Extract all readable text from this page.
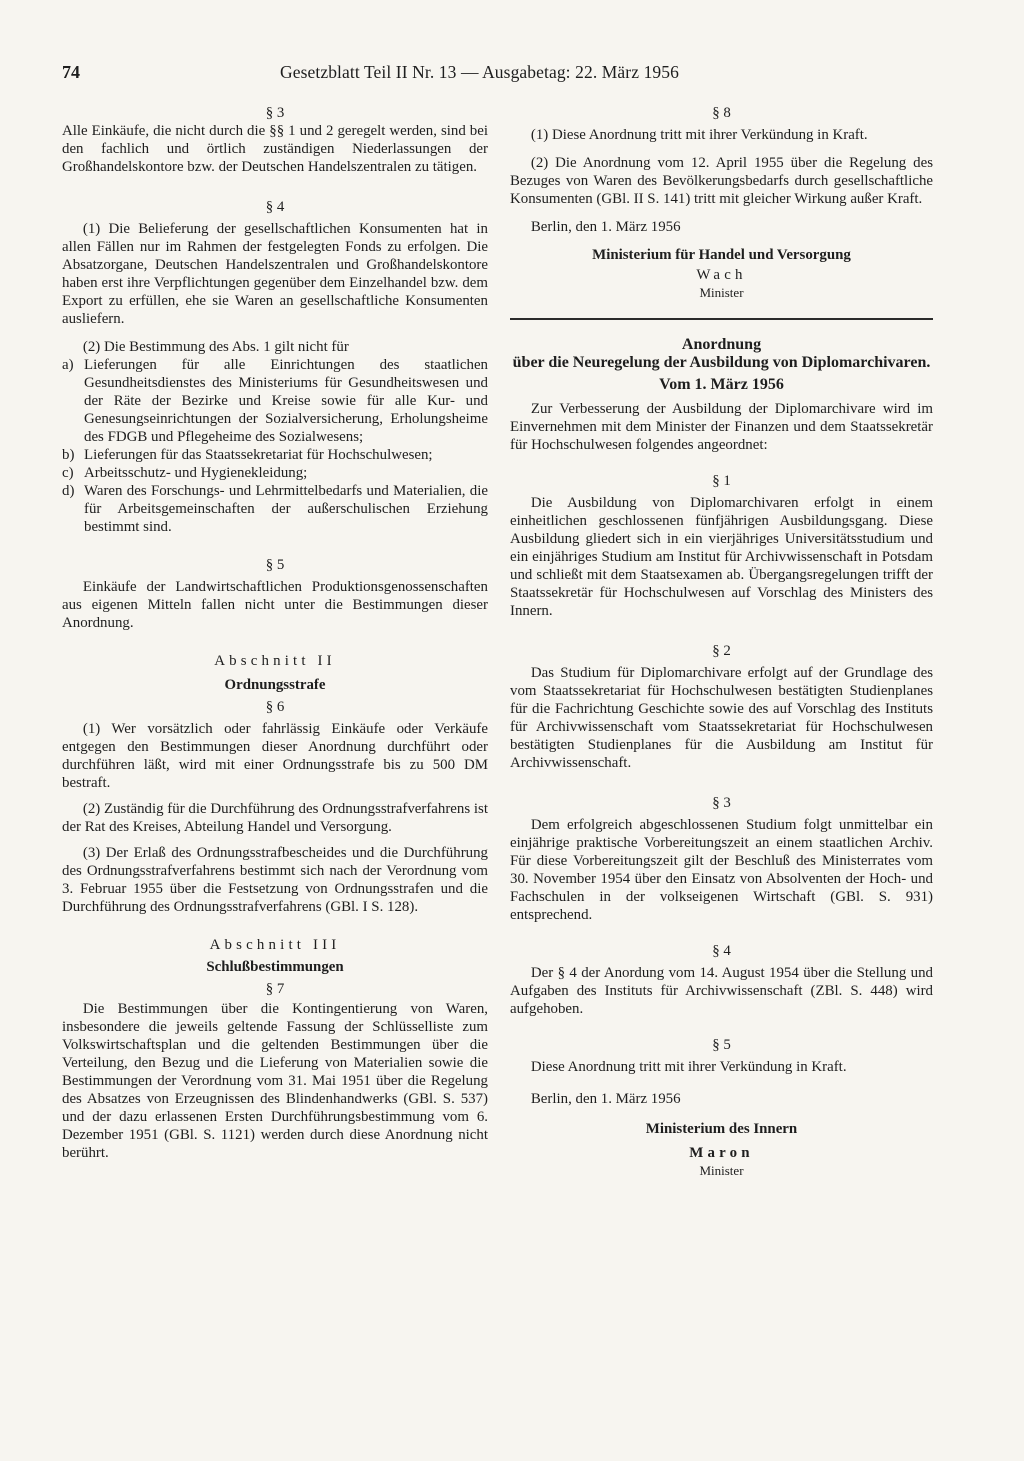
74	Gesetzblatt Teil II Nr. 13 — Ausgabetag: 22. März 1956
§ 3

Alle Einkäufe, die nicht durch die §§ 1 und 2 geregelt werden, sind bei den fachlich und örtlich zuständigen Niederlassungen der Großhandelskontore bzw. der Deutschen Handelszentralen zu tätigen.

§ 4

(1) Die Belieferung der gesellschaftlichen Konsumenten hat in allen Fällen nur im Rahmen der festgelegten Fonds zu erfolgen. Die Absatzorgane, Deutschen Handelszentralen und Großhandelskontore haben erst ihre Verpflichtungen gegenüber dem Einzelhandel bzw. dem Export zu erfüllen, ehe sie Waren an gesellschaftliche Konsumenten ausliefern.

(2) Die Bestimmung des Abs. 1 gilt nicht für

a) Lieferungen für alle Einrichtungen des staatlichen Gesundheitsdienstes des Ministeriums für Gesundheitswesen und der Räte der Bezirke und Kreise sowie für alle Kur- und Genesungseinrichtungen der Sozialversicherung, Erholungsheime des FDGB und Pflegeheime des Sozialwesens;
b) Lieferungen für das Staatssekretariat für Hochschulwesen;
c) Arbeitsschutz- und Hygienekleidung;
d) Waren des Forschungs- und Lehrmittelbedarfs und Materialien, die für Arbeitsgemeinschaften der außerschulischen Erziehung bestimmt sind.
§ 5

Einkäufe der Landwirtschaftlichen Produktionsgenossenschaften aus eigenen Mitteln fallen nicht unter die Bestimmungen dieser Anordnung.

Abschnitt II
Ordnungsstrafe
§ 6

(1) Wer vorsätzlich oder fahrlässig Einkäufe oder Verkäufe entgegen den Bestimmungen dieser Anordnung durchführt oder durchführen läßt, wird mit einer Ordnungsstrafe bis zu 500 DM bestraft.

(2) Zuständig für die Durchführung des Ordnungsstrafverfahrens ist der Rat des Kreises, Abteilung Handel und Versorgung.

(3) Der Erlaß des Ordnungsstrafbescheides und die Durchführung des Ordnungsstrafverfahrens bestimmt sich nach der Verordnung vom 3. Februar 1955 über die Festsetzung von Ordnungsstrafen und die Durchführung des Ordnungsstrafverfahrens (GBl. I S. 128).

Abschnitt III
Schlußbestimmungen
§ 7

Die Bestimmungen über die Kontingentierung von Waren, insbesondere die jeweils geltende Fassung der Schlüsselliste zum Volkswirtschaftsplan und die geltenden Bestimmungen über die Verteilung, den Bezug und die Lieferung von Materialien sowie die Bestimmungen der Verordnung vom 31. Mai 1951 über die Regelung des Absatzes von Erzeugnissen des Blindenhandwerks (GBl. S. 537) und der dazu erlassenen Ersten Durchführungsbestimmung vom 6. Dezember 1951 (GBl. S. 1121) werden durch diese Anordnung nicht berührt.

§ 8

(1) Diese Anordnung tritt mit ihrer Verkündung in Kraft.

(2) Die Anordnung vom 12. April 1955 über die Regelung des Bezuges von Waren des Bevölkerungsbedarfs durch gesellschaftliche Konsumenten (GBl. II S. 141) tritt mit gleicher Wirkung außer Kraft.

Berlin, den 1. März 1956

Ministerium für Handel und Versorgung
Wach
Minister
Anordnung
über die Neuregelung der Ausbildung von Diplomarchivaren.
Vom 1. März 1956

Zur Verbesserung der Ausbildung der Diplomarchivare wird im Einvernehmen mit dem Minister der Finanzen und dem Staatssekretär für Hochschulwesen folgendes angeordnet:

§ 1

Die Ausbildung von Diplomarchivaren erfolgt in einem einheitlichen geschlossenen fünfjährigen Ausbildungsgang. Diese Ausbildung gliedert sich in ein vierjähriges Universitätsstudium und ein einjähriges Studium am Institut für Archivwissenschaft in Potsdam und schließt mit dem Staatsexamen ab. Übergangsregelungen trifft der Staatssekretär für Hochschulwesen auf Vorschlag des Ministers des Innern.

§ 2

Das Studium für Diplomarchivare erfolgt auf der Grundlage des vom Staatssekretariat für Hochschulwesen bestätigten Studienplanes für die Fachrichtung Geschichte sowie des auf Vorschlag des Instituts für Archivwissenschaft vom Staatssekretariat für Hochschulwesen bestätigten Studienplanes für die Ausbildung am Institut für Archivwissenschaft.

§ 3

Dem erfolgreich abgeschlossenen Studium folgt unmittelbar ein einjährige praktische Vorbereitungszeit an einem staatlichen Archiv. Für diese Vorbereitungszeit gilt der Beschluß des Ministerrates vom 30. November 1954 über den Einsatz von Absolventen der Hoch- und Fachschulen in der volkseigenen Wirtschaft (GBl. S. 931) entsprechend.

§ 4

Der § 4 der Anordung vom 14. August 1954 über die Stellung und Aufgaben des Instituts für Archivwissenschaft (ZBl. S. 448) wird aufgehoben.

§ 5

Diese Anordnung tritt mit ihrer Verkündung in Kraft.

Berlin, den 1. März 1956

Ministerium des Innern
Maron
Minister
